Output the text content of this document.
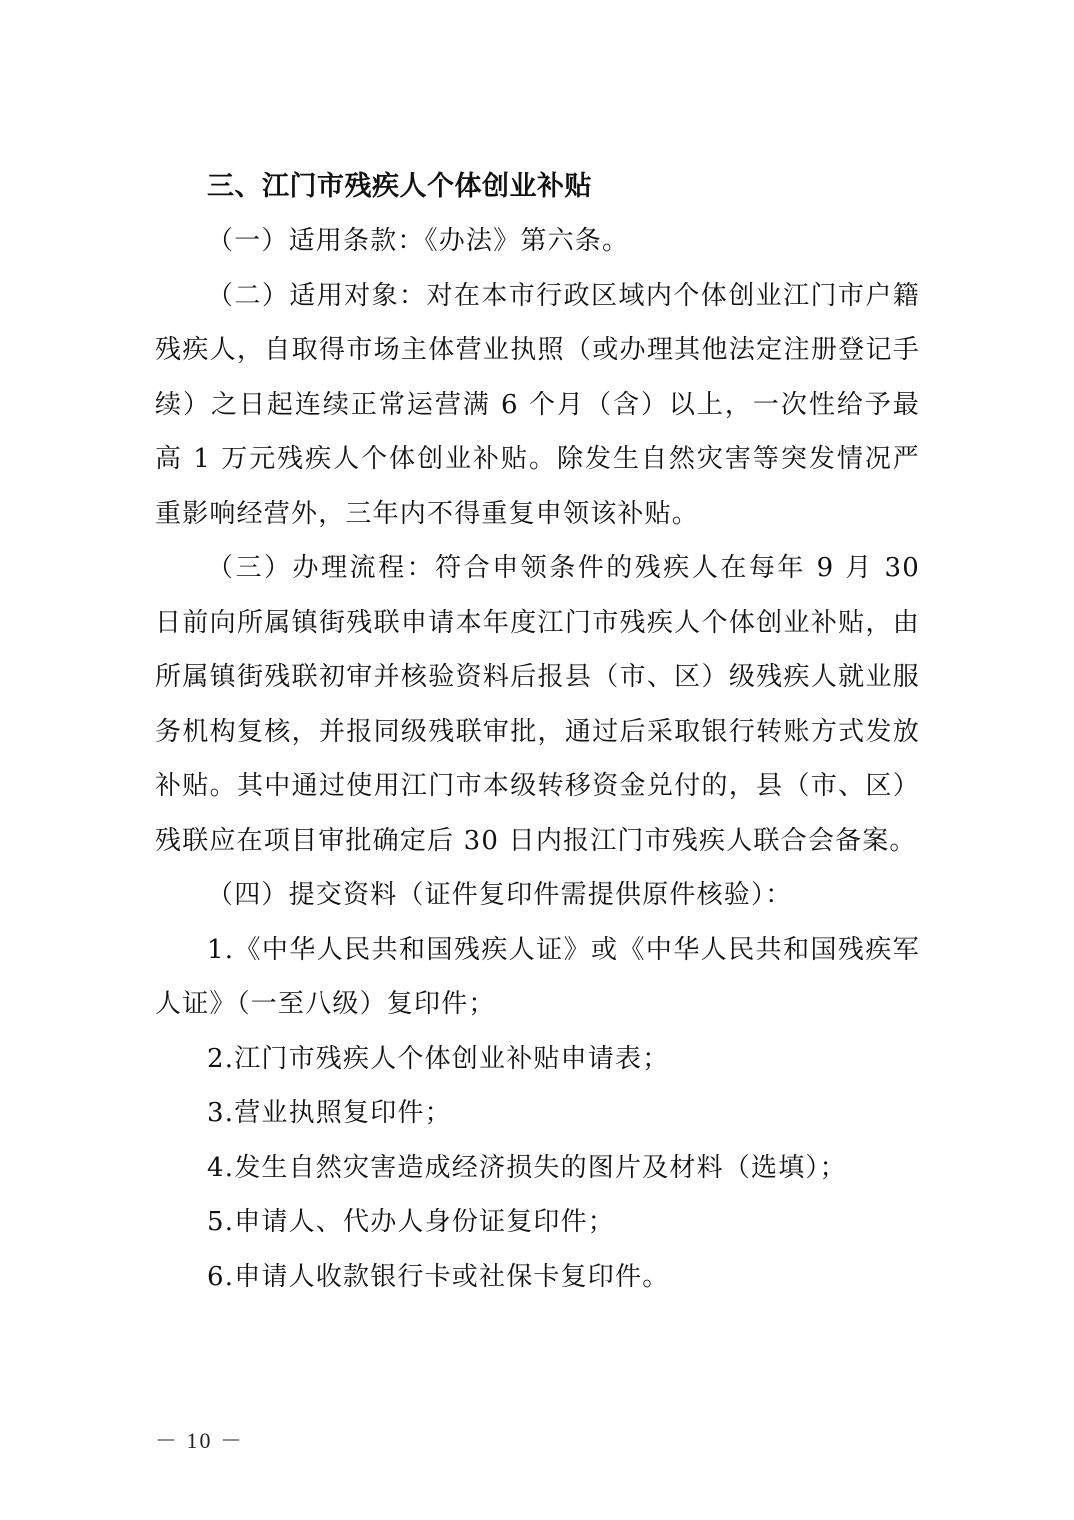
三、江门市残疾人个体创业补贴

（一）适用条款：《办法》第六条。

（二）适用对象：对在本市行政区域内个体创业江门市户籍残疾人，自取得市场主体营业执照（或办理其他法定注册登记手续）之日起连续正常运营满 6 个月（含）以上，一次性给予最高 1 万元残疾人个体创业补贴。除发生自然灾害等突发情况严重影响经营外，三年内不得重复申领该补贴。

（三）办理流程：符合申领条件的残疾人在每年 9 月 30 日前向所属镇街残联申请本年度江门市残疾人个体创业补贴，由所属镇街残联初审并核验资料后报县（市、区）级残疾人就业服务机构复核，并报同级残联审批，通过后采取银行转账方式发放补贴。其中通过使用江门市本级转移资金兑付的，县（市、区）残联应在项目审批确定后 30 日内报江门市残疾人联合会备案。

（四）提交资料（证件复印件需提供原件核验）：

1.《中华人民共和国残疾人证》或《中华人民共和国残疾军人证》（一至八级）复印件；

2.江门市残疾人个体创业补贴申请表；

3.营业执照复印件；

4.发生自然灾害造成经济损失的图片及材料（选填）；

5.申请人、代办人身份证复印件；

6.申请人收款银行卡或社保卡复印件。

－ 10 －
